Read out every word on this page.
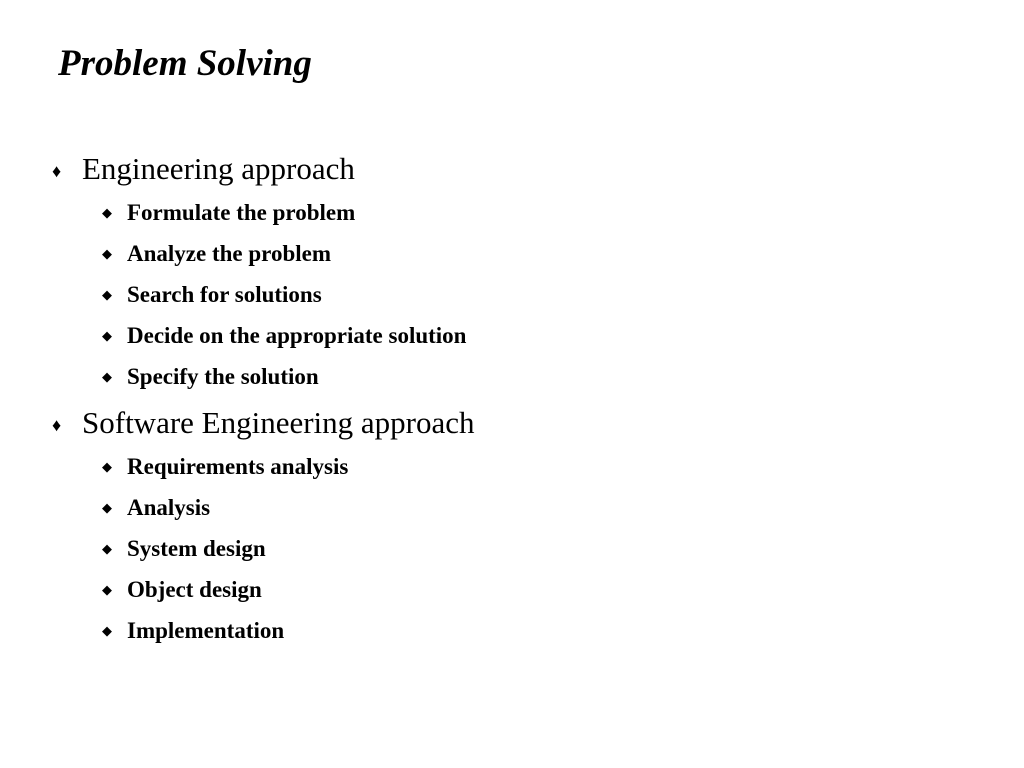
Problem Solving
♦ Engineering approach
◆ Formulate the problem
◆ Analyze the problem
◆ Search for solutions
◆ Decide on the appropriate solution
◆ Specify the solution
♦ Software Engineering approach
◆ Requirements analysis
◆ Analysis
◆ System design
◆ Object design
◆ Implementation
